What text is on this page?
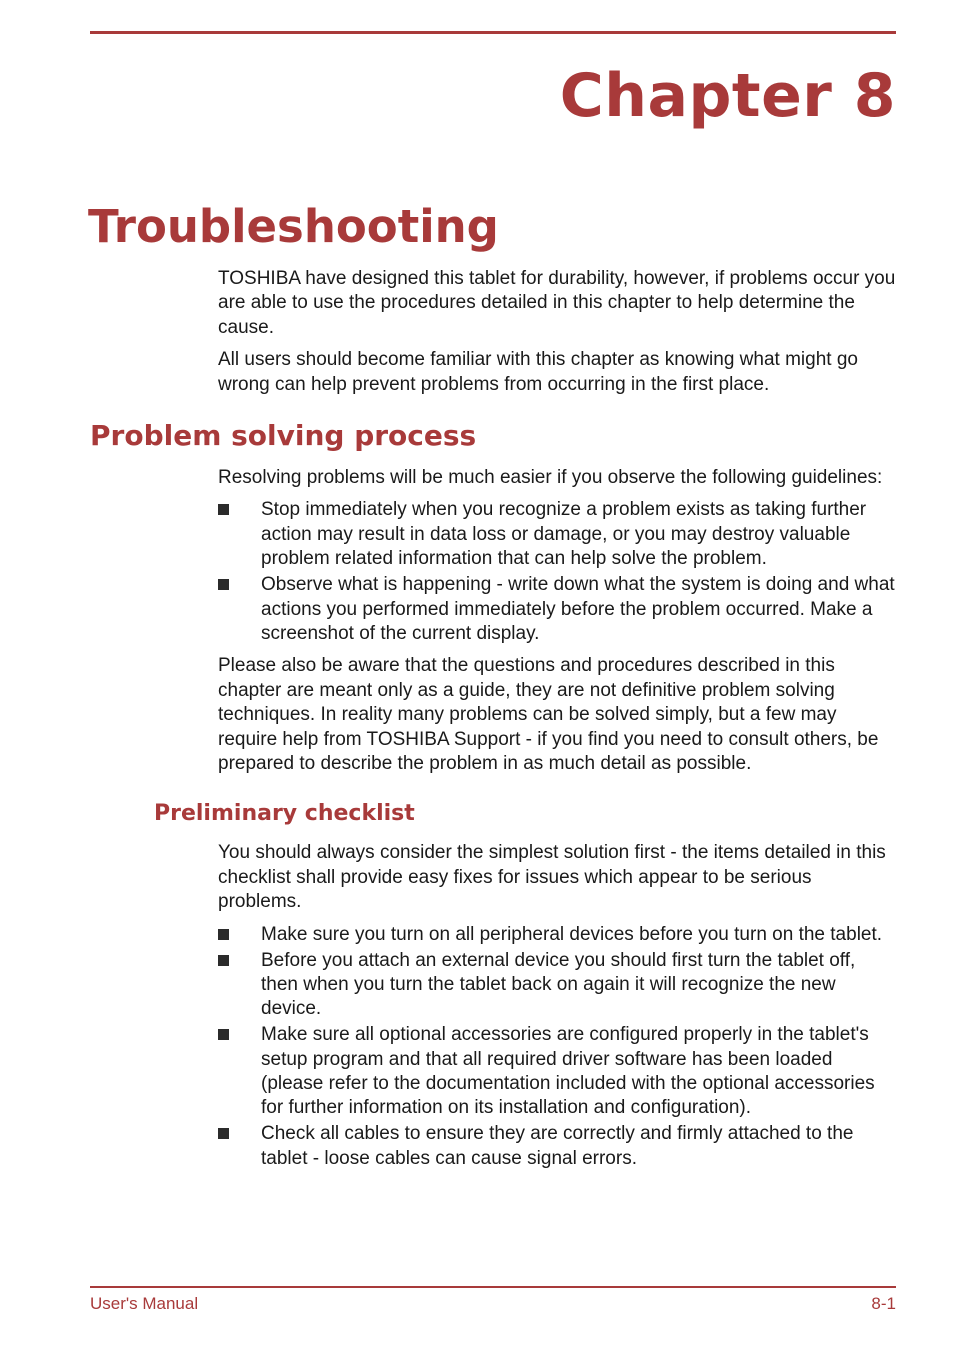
Chapter 8
Troubleshooting

TOSHIBA have designed this tablet for durability, however, if problems occur you are able to use the procedures detailed in this chapter to help determine the cause.

All users should become familiar with this chapter as knowing what might go wrong can help prevent problems from occurring in the first place.

Problem solving process

Resolving problems will be much easier if you observe the following guidelines:

Stop immediately when you recognize a problem exists as taking further action may result in data loss or damage, or you may destroy valuable problem related information that can help solve the problem.
Observe what is happening - write down what the system is doing and what actions you performed immediately before the problem occurred. Make a screenshot of the current display.

Please also be aware that the questions and procedures described in this chapter are meant only as a guide, they are not definitive problem solving techniques. In reality many problems can be solved simply, but a few may require help from TOSHIBA Support - if you find you need to consult others, be prepared to describe the problem in as much detail as possible.

Preliminary checklist

You should always consider the simplest solution first - the items detailed in this checklist shall provide easy fixes for issues which appear to be serious problems.

Make sure you turn on all peripheral devices before you turn on the tablet.
Before you attach an external device you should first turn the tablet off, then when you turn the tablet back on again it will recognize the new device.
Make sure all optional accessories are configured properly in the tablet's setup program and that all required driver software has been loaded (please refer to the documentation included with the optional accessories for further information on its installation and configuration).
Check all cables to ensure they are correctly and firmly attached to the tablet - loose cables can cause signal errors.
User's Manual	8-1
